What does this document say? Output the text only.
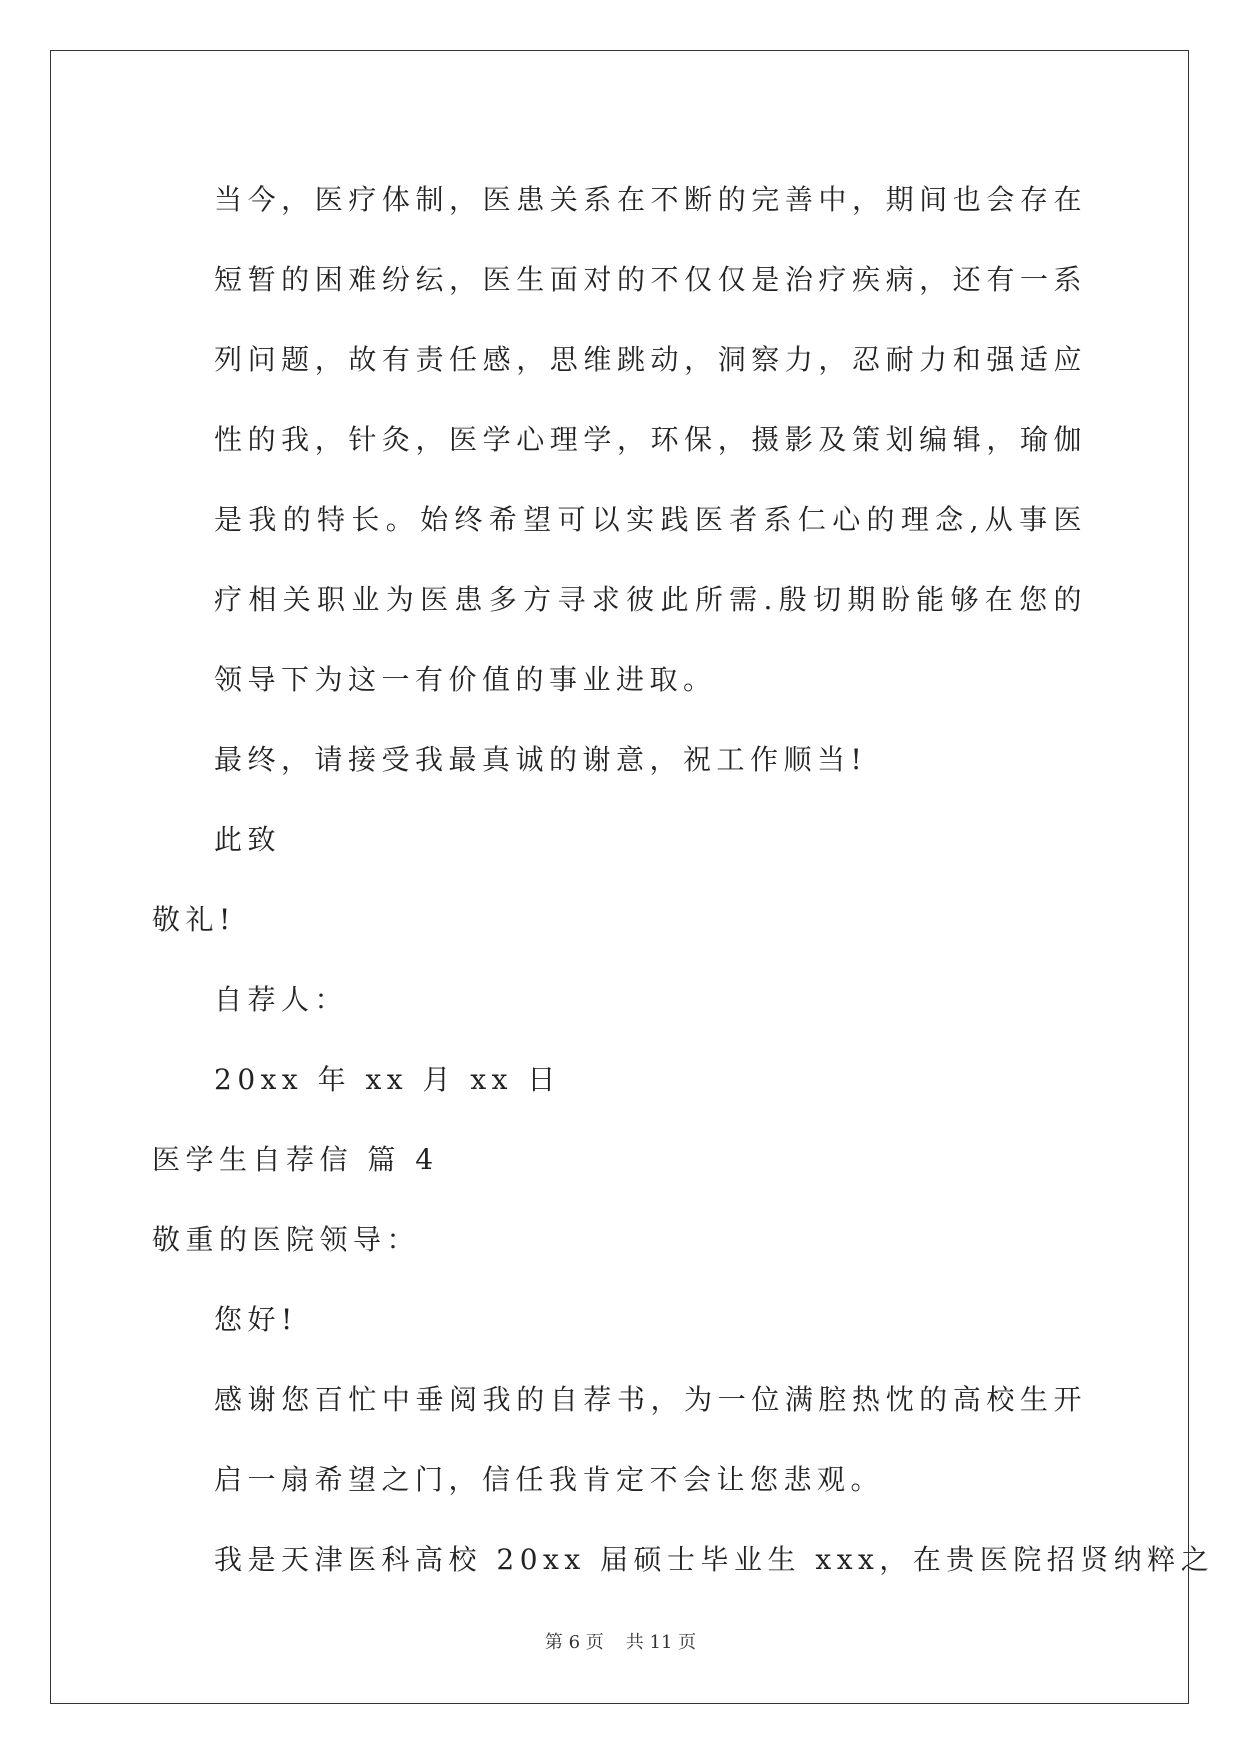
当今，医疗体制，医患关系在不断的完善中，期间也会存在短暂的困难纷纭，医生面对的不仅仅是治疗疾病，还有一系列问题，故有责任感，思维跳动，洞察力，忍耐力和强适应性的我，针灸，医学心理学，环保，摄影及策划编辑，瑜伽是我的特长。始终希望可以实践医者系仁心的理念,从事医疗相关职业为医患多方寻求彼此所需.殷切期盼能够在您的领导下为这一有价值的事业进取。

最终，请接受我最真诚的谢意，祝工作顺当!

此致

敬礼!

自荐人：

20xx 年 xx 月 xx 日

医学生自荐信 篇 4

敬重的医院领导：

您好!

感谢您百忙中垂阅我的自荐书，为一位满腔热忱的高校生开启一扇希望之门，信任我肯定不会让您悲观。

我是天津医科高校 20xx 届硕士毕业生 xxx，在贵医院招贤纳粹之

第 6 页 共 11 页
